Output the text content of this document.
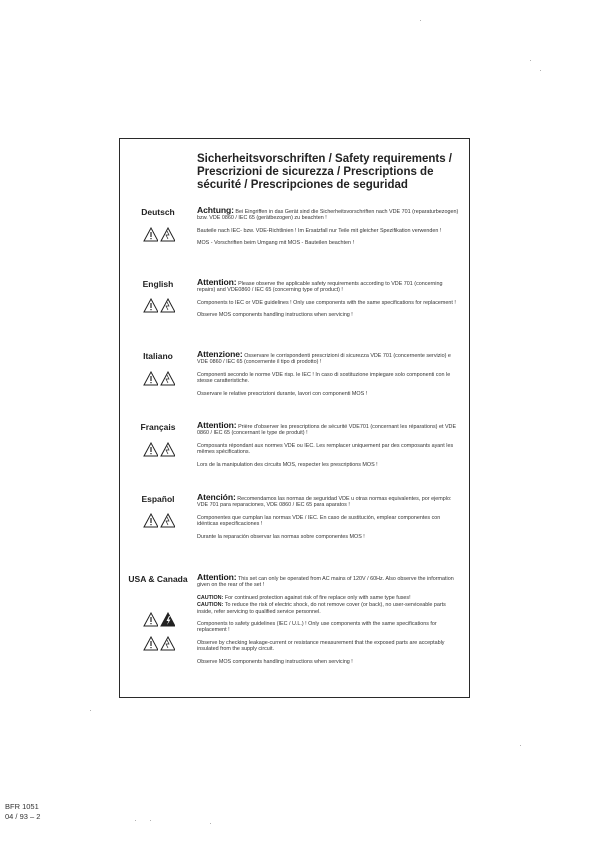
Sicherheitsvorschriften / Safety requirements / Prescrizioni de sicurezza / Prescriptions de sécurité / Prescripciones de seguridad
Deutsch	Achtung: Bei Eingriffen in das Gerät sind die Sicherheitsvorschriften nach VDE 701 (reparaturbezogen) bzw. VDE 0860 / IEC 65 (gerätbezogen) zu beachten !

Bauteile nach IEC- bzw. VDE-Richtlinien ! Im Ersatzfall nur Teile mit gleicher Spezifikation verwenden !

MOS - Vorschriften beim Umgang mit MOS - Bauteilen beachten !

English	Attention: Please observe the applicable safety requirements according to VDE 701 (concerning repairs) and VDE0860 / IEC 65 (concerning type of product) !

Components to IEC or VDE guidelines ! Only use components with the same specifications for replacement !

Observe MOS components handling instructions when servicing !

Italiano	Attenzione: Osservare le corrispondenti prescrizioni di sicurezza VDE 701 (concernente servizio) e VDE 0860 / IEC 65 (concernente il tipo di prodotto) !

Componenti secondo le norme VDE risp. le IEC ! In caso di sostituzione impiegare solo componenti con le stesse caratteristiche.

Osservare le relative prescrizioni durante, lavori con componenti MOS !

Français	Attention: Prière d'observer les prescriptions de sécurité VDE701 (concernant les réparations) et VDE 0860 / IEC 65 (concernant le type de produit) !

Composants répondant aux normes VDE ou IEC. Les remplacer uniquement par des composants ayant les mêmes spécifications.

Lors de la manipulation des circuits MOS, respecter les prescriptions MOS !

Español	Atención: Recomendamos las normas de seguridad VDE u otras normas equivalentes, por ejemplo: VDE 701 para reparaciones, VDE 0860 / IEC 65 para aparatos !

Componentes que cumplan las normas VDE / IEC. En caso de sustitución, emplear componentes con idénticas especificaciones !

Durante la reparación observar las normas sobre componentes MOS !

USA & Canada Attention: This set can only be operated from AC mains of 120V / 60Hz. Also observe the information given on the rear of the set !

CAUTION: For continued protection against risk of fire replace only with same type fuses!

CAUTION: To reduce the risk of electric shock, do not remove cover (or back), no user-serviceable parts inside, refer servicing to qualified service personnel.

Components to safety guidelines (IEC / U.L.) ! Only use components with the same specifications for replacement !

Observe by checking leakage-current or resistance measurement that the exposed parts are acceptably insulated from the supply circuit.

Observe MOS components handling instructions when servicing !

BFR 1051
04 / 93 – 2
